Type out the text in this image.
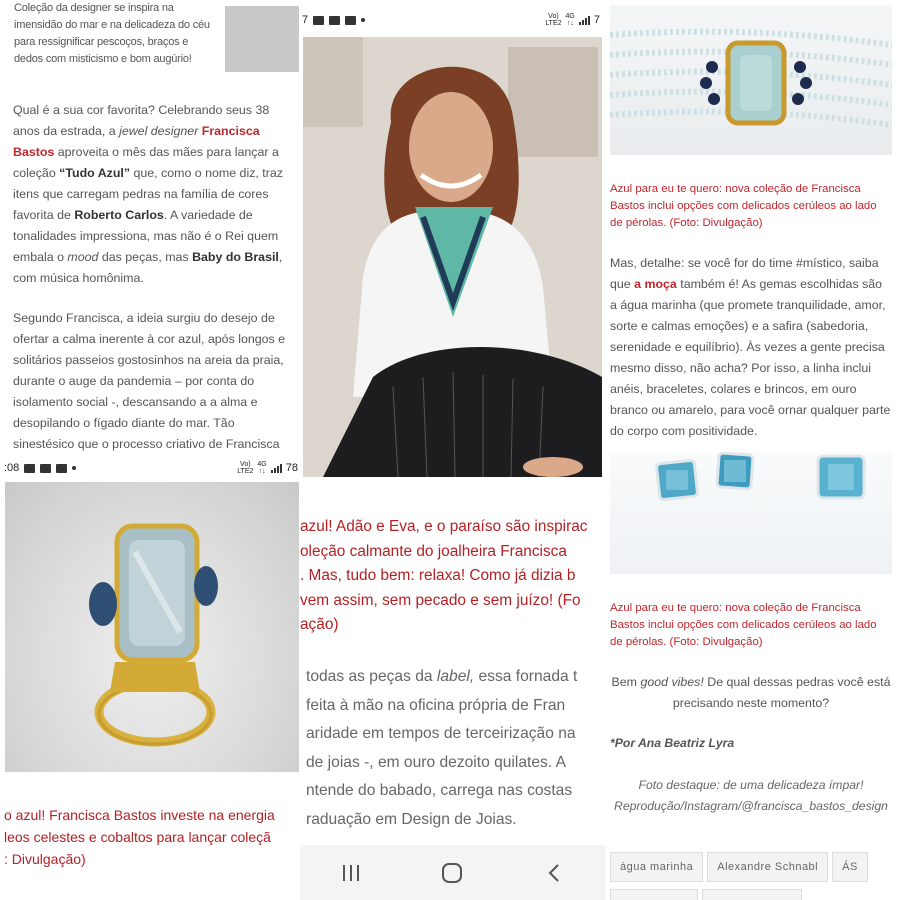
Coleção da designer se inspira na imensidão do mar e na delicadeza do céu para ressignificar pescoços, braços e dedos com misticismo e bom augúrio!

Qual é a sua cor favorita? Celebrando seus 38 anos da estrada, a jewel designer Francisca Bastos aproveita o mês das mães para lançar a coleção “Tudo Azul” que, como o nome diz, traz itens que carregam pedras na família de cores favorita de Roberto Carlos. A variedade de tonalidades impressiona, mas não é o Rei quem embala o mood das peças, mas Baby do Brasil, com música homônima.

Segundo Francisca, a ideia surgiu do desejo de ofertar a calma inerente à cor azul, após longos e solitários passeios gostosinhos na areia da praia, durante o auge da pandemia – por conta do isolamento social -, descansando a a alma e desopilando o fígado diante do mar. Tão sinestésico que o processo criativo de Francisca

:08	Vo)
LTE2
4G
↑↓ 78
o azul! Francisca Bastos investe na energia
leos celestes e cobaltos para lançar coleçã
: Divulgação)
7	Vo)
LTE2
4G
↑↓ 7
azul! Adão e Eva, e o paraíso são inspirac
oleção calmante do joalheira Francisca
. Mas, tudo bem: relaxa! Como já dizia b
vem assim, sem pecado e sem juízo! (Fo
ação)
todas as peças da label, essa fornada t
feita à mão na oficina própria de Fran
aridade em tempos de terceirização na
de joias -, em ouro dezoito quilates. A
ntende do babado, carrega nas costas
raduação em Design de Joias.

Azul para eu te quero: nova coleção de Francisca Bastos inclui opções com delicados cerúleos ao lado de pérolas. (Foto: Divulgação)

Mas, detalhe: se você for do time #místico, saiba que a moça também é! As gemas escolhidas são a água marinha (que promete tranquilidade, amor, sorte e calmas emoções) e a safira (sabedoria, serenidade e equilíbrio). Às vezes a gente precisa mesmo disso, não acha? Por isso, a linha inclui anéis, braceletes, colares e brincos, em ouro branco ou amarelo, para você ornar qualquer parte do corpo com positividade.

Azul para eu te quero: nova coleção de Francisca Bastos inclui opções com delicados cerúleos ao lado de pérolas. (Foto: Divulgação)

Bem good vibes! De qual dessas pedras você está precisando neste momento?

*Por Ana Beatriz Lyra
Foto destaque: de uma delicadeza ímpar!
Reprodução/Instagram/@francisca_bastos_design
água marinha	Alexandre Schnabl	ÁS
